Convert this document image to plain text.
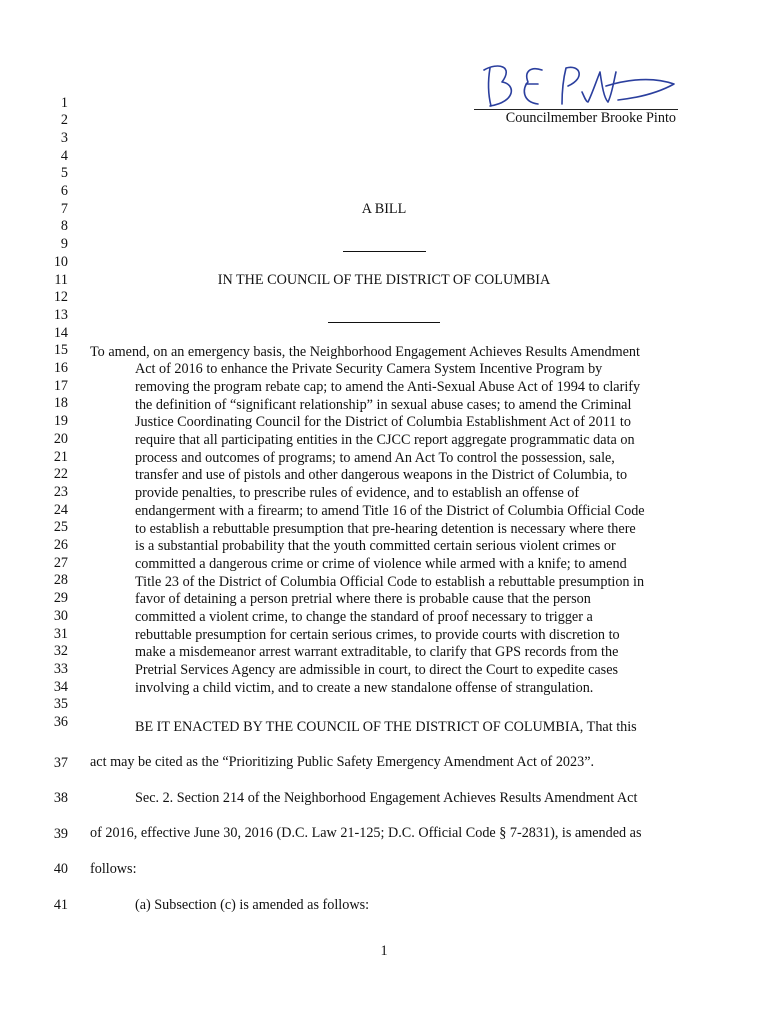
Councilmember Brooke Pinto
1
2
3
4
5
6
7
8
9
10
11
12
13
14
15
16
17
18
19
20
21
22
23
24
25
26
27
28
29
30
31
32
33
34
35
36
37
38
39
40
41
A BILL
IN THE COUNCIL OF THE DISTRICT OF COLUMBIA
To amend, on an emergency basis, the Neighborhood Engagement Achieves Results Amendment
Act of 2016 to enhance the Private Security Camera System Incentive Program by
removing the program rebate cap; to amend the Anti-Sexual Abuse Act of 1994 to clarify
the definition of “significant relationship” in sexual abuse cases; to amend the Criminal
Justice Coordinating Council for the District of Columbia Establishment Act of 2011 to
require that all participating entities in the CJCC report aggregate programmatic data on
process and outcomes of programs; to amend An Act To control the possession, sale,
transfer and use of pistols and other dangerous weapons in the District of Columbia, to
provide penalties, to prescribe rules of evidence, and to establish an offense of
endangerment with a firearm; to amend Title 16 of the District of Columbia Official Code
to establish a rebuttable presumption that pre-hearing detention is necessary where there
is a substantial probability that the youth committed certain serious violent crimes or
committed a dangerous crime or crime of violence while armed with a knife; to amend
Title 23 of the District of Columbia Official Code to establish a rebuttable presumption in
favor of detaining a person pretrial where there is probable cause that the person
committed a violent crime, to change the standard of proof necessary to trigger a
rebuttable presumption for certain serious crimes, to provide courts with discretion to
make a misdemeanor arrest warrant extraditable, to clarify that GPS records from the
Pretrial Services Agency are admissible in court, to direct the Court to expedite cases
involving a child victim, and to create a new standalone offense of strangulation.
BE IT ENACTED BY THE COUNCIL OF THE DISTRICT OF COLUMBIA, That this
act may be cited as the “Prioritizing Public Safety Emergency Amendment Act of 2023”.
Sec. 2. Section 214 of the Neighborhood Engagement Achieves Results Amendment Act
of 2016, effective June 30, 2016 (D.C. Law 21-125; D.C. Official Code § 7-2831), is amended as
follows:
(a) Subsection (c) is amended as follows:
1
